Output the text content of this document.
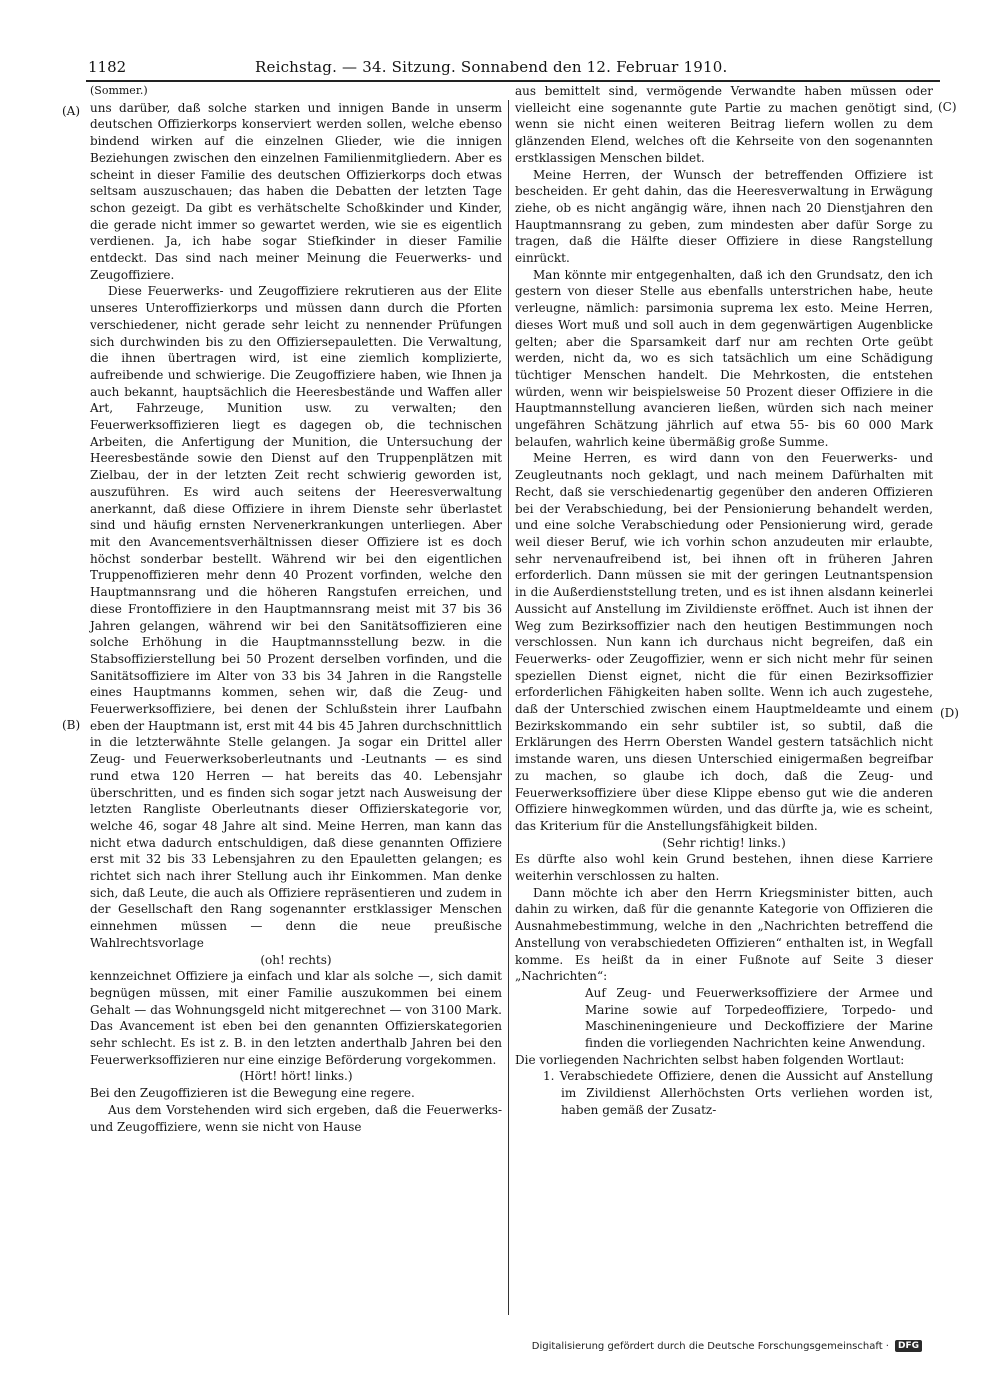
1182	Reichstag. — 34. Sitzung. Sonnabend den 12. Februar 1910.
(A)
(B)
(C)
(D)

(Sommer.)

uns darüber, daß solche starken und innigen Bande in unserm deutschen Offizierkorps konserviert werden sollen, welche ebenso bindend wirken auf die einzelnen Glieder, wie die innigen Beziehungen zwischen den einzelnen Familienmitgliedern. Aber es scheint in dieser Familie des deutschen Offizierkorps doch etwas seltsam auszuschauen; das haben die Debatten der letzten Tage schon gezeigt. Da gibt es verhätschelte Schoßkinder und Kinder, die gerade nicht immer so gewartet werden, wie sie es eigentlich verdienen. Ja, ich habe sogar Stiefkinder in dieser Familie entdeckt. Das sind nach meiner Meinung die Feuerwerks- und Zeugoffiziere.

Diese Feuerwerks- und Zeugoffiziere rekrutieren aus der Elite unseres Unteroffizierkorps und müssen dann durch die Pforten verschiedener, nicht gerade sehr leicht zu nennender Prüfungen sich durchwinden bis zu den Offiziersepauletten. Die Verwaltung, die ihnen übertragen wird, ist eine ziemlich komplizierte, aufreibende und schwierige. Die Zeugoffiziere haben, wie Ihnen ja auch bekannt, hauptsächlich die Heeresbestände und Waffen aller Art, Fahrzeuge, Munition usw. zu verwalten; den Feuerwerksoffizieren liegt es dagegen ob, die technischen Arbeiten, die Anfertigung der Munition, die Untersuchung der Heeresbestände sowie den Dienst auf den Truppenplätzen mit Zielbau, der in der letzten Zeit recht schwierig geworden ist, auszuführen. Es wird auch seitens der Heeresverwaltung anerkannt, daß diese Offiziere in ihrem Dienste sehr überlastet sind und häufig ernsten Nervenerkrankungen unterliegen. Aber mit den Avancementsverhältnissen dieser Offiziere ist es doch höchst sonderbar bestellt. Während wir bei den eigentlichen Truppenoffizieren mehr denn 40 Prozent vorfinden, welche den Hauptmannsrang und die höheren Rangstufen erreichen, und diese Frontoffiziere in den Hauptmannsrang meist mit 37 bis 36 Jahren gelangen, während wir bei den Sanitätsoffizieren eine solche Erhöhung in die Hauptmannsstellung bezw. in die Stabsoffizierstellung bei 50 Prozent derselben vorfinden, und die Sanitätsoffiziere im Alter von 33 bis 34 Jahren in die Rangstelle eines Hauptmanns kommen, sehen wir, daß die Zeug- und Feuerwerksoffiziere, bei denen der Schlußstein ihrer Laufbahn eben der Hauptmann ist, erst mit 44 bis 45 Jahren durchschnittlich in die letzterwähnte Stelle gelangen. Ja sogar ein Drittel aller Zeug- und Feuerwerksoberleutnants und -Leutnants — es sind rund etwa 120 Herren — hat bereits das 40. Lebensjahr überschritten, und es finden sich sogar jetzt nach Ausweisung der letzten Rangliste Oberleutnants dieser Offizierskategorie vor, welche 46, sogar 48 Jahre alt sind. Meine Herren, man kann das nicht etwa dadurch entschuldigen, daß diese genannten Offiziere erst mit 32 bis 33 Lebensjahren zu den Epauletten gelangen; es richtet sich nach ihrer Stellung auch ihr Einkommen. Man denke sich, daß Leute, die auch als Offiziere repräsentieren und zudem in der Gesellschaft den Rang sogenannter erstklassiger Menschen einnehmen müssen — denn die neue preußische Wahlrechtsvorlage

(oh! rechts)

kennzeichnet Offiziere ja einfach und klar als solche —, sich damit begnügen müssen, mit einer Familie auszukommen bei einem Gehalt — das Wohnungsgeld nicht mitgerechnet — von 3100 Mark. Das Avancement ist eben bei den genannten Offizierskategorien sehr schlecht. Es ist z. B. in den letzten anderthalb Jahren bei den Feuerwerksoffizieren nur eine einzige Beförderung vorgekommen.

(Hört! hört! links.)

Bei den Zeugoffizieren ist die Bewegung eine regere.

Aus dem Vorstehenden wird sich ergeben, daß die Feuerwerks- und Zeugoffiziere, wenn sie nicht von Hause

aus bemittelt sind, vermögende Verwandte haben müssen oder vielleicht eine sogenannte gute Partie zu machen genötigt sind, wenn sie nicht einen weiteren Beitrag liefern wollen zu dem glänzenden Elend, welches oft die Kehrseite von den sogenannten erstklassigen Menschen bildet.

Meine Herren, der Wunsch der betreffenden Offiziere ist bescheiden. Er geht dahin, das die Heeresverwaltung in Erwägung ziehe, ob es nicht angängig wäre, ihnen nach 20 Dienstjahren den Hauptmannsrang zu geben, zum mindesten aber dafür Sorge zu tragen, daß die Hälfte dieser Offiziere in diese Rangstellung einrückt.

Man könnte mir entgegenhalten, daß ich den Grundsatz, den ich gestern von dieser Stelle aus ebenfalls unterstrichen habe, heute verleugne, nämlich: parsimonia suprema lex esto. Meine Herren, dieses Wort muß und soll auch in dem gegenwärtigen Augenblicke gelten; aber die Sparsamkeit darf nur am rechten Orte geübt werden, nicht da, wo es sich tatsächlich um eine Schädigung tüchtiger Menschen handelt. Die Mehrkosten, die entstehen würden, wenn wir beispielsweise 50 Prozent dieser Offiziere in die Hauptmannstellung avancieren ließen, würden sich nach meiner ungefähren Schätzung jährlich auf etwa 55- bis 60 000 Mark belaufen, wahrlich keine übermäßig große Summe.

Meine Herren, es wird dann von den Feuerwerks- und Zeugleutnants noch geklagt, und nach meinem Dafürhalten mit Recht, daß sie verschiedenartig gegenüber den anderen Offizieren bei der Verabschiedung, bei der Pensionierung behandelt werden, und eine solche Verabschiedung oder Pensionierung wird, gerade weil dieser Beruf, wie ich vorhin schon anzudeuten mir erlaubte, sehr nervenaufreibend ist, bei ihnen oft in früheren Jahren erforderlich. Dann müssen sie mit der geringen Leutnantspension in die Außerdienststellung treten, und es ist ihnen alsdann keinerlei Aussicht auf Anstellung im Zivildienste eröffnet. Auch ist ihnen der Weg zum Bezirksoffizier nach den heutigen Bestimmungen noch verschlossen. Nun kann ich durchaus nicht begreifen, daß ein Feuerwerks- oder Zeugoffizier, wenn er sich nicht mehr für seinen speziellen Dienst eignet, nicht die für einen Bezirksoffizier erforderlichen Fähigkeiten haben sollte. Wenn ich auch zugestehe, daß der Unterschied zwischen einem Hauptmeldeamte und einem Bezirkskommando ein sehr subtiler ist, so subtil, daß die Erklärungen des Herrn Obersten Wandel gestern tatsächlich nicht imstande waren, uns diesen Unterschied einigermaßen begreifbar zu machen, so glaube ich doch, daß die Zeug- und Feuerwerksoffiziere über diese Klippe ebenso gut wie die anderen Offiziere hinwegkommen würden, und das dürfte ja, wie es scheint, das Kriterium für die Anstellungsfähigkeit bilden.

(Sehr richtig! links.)

Es dürfte also wohl kein Grund bestehen, ihnen diese Karriere weiterhin verschlossen zu halten.

Dann möchte ich aber den Herrn Kriegsminister bitten, auch dahin zu wirken, daß für die genannte Kategorie von Offizieren die Ausnahmebestimmung, welche in den „Nachrichten betreffend die Anstellung von verabschiedeten Offizieren“ enthalten ist, in Wegfall komme. Es heißt da in einer Fußnote auf Seite 3 dieser „Nachrichten“:

Auf Zeug- und Feuerwerksoffiziere der Armee und Marine sowie auf Torpedeoffiziere, Torpedo- und Maschineningenieure und Deckoffiziere der Marine finden die vorliegenden Nachrichten keine Anwendung.

Die vorliegenden Nachrichten selbst haben folgenden Wortlaut:

1. Verabschiedete Offiziere, denen die Aussicht auf Anstellung im Zivildienst Allerhöchsten Orts verliehen worden ist, haben gemäß der Zusatz-

Digitalisierung gefördert durch die Deutsche Forschungsgemeinschaft ·	DFG
